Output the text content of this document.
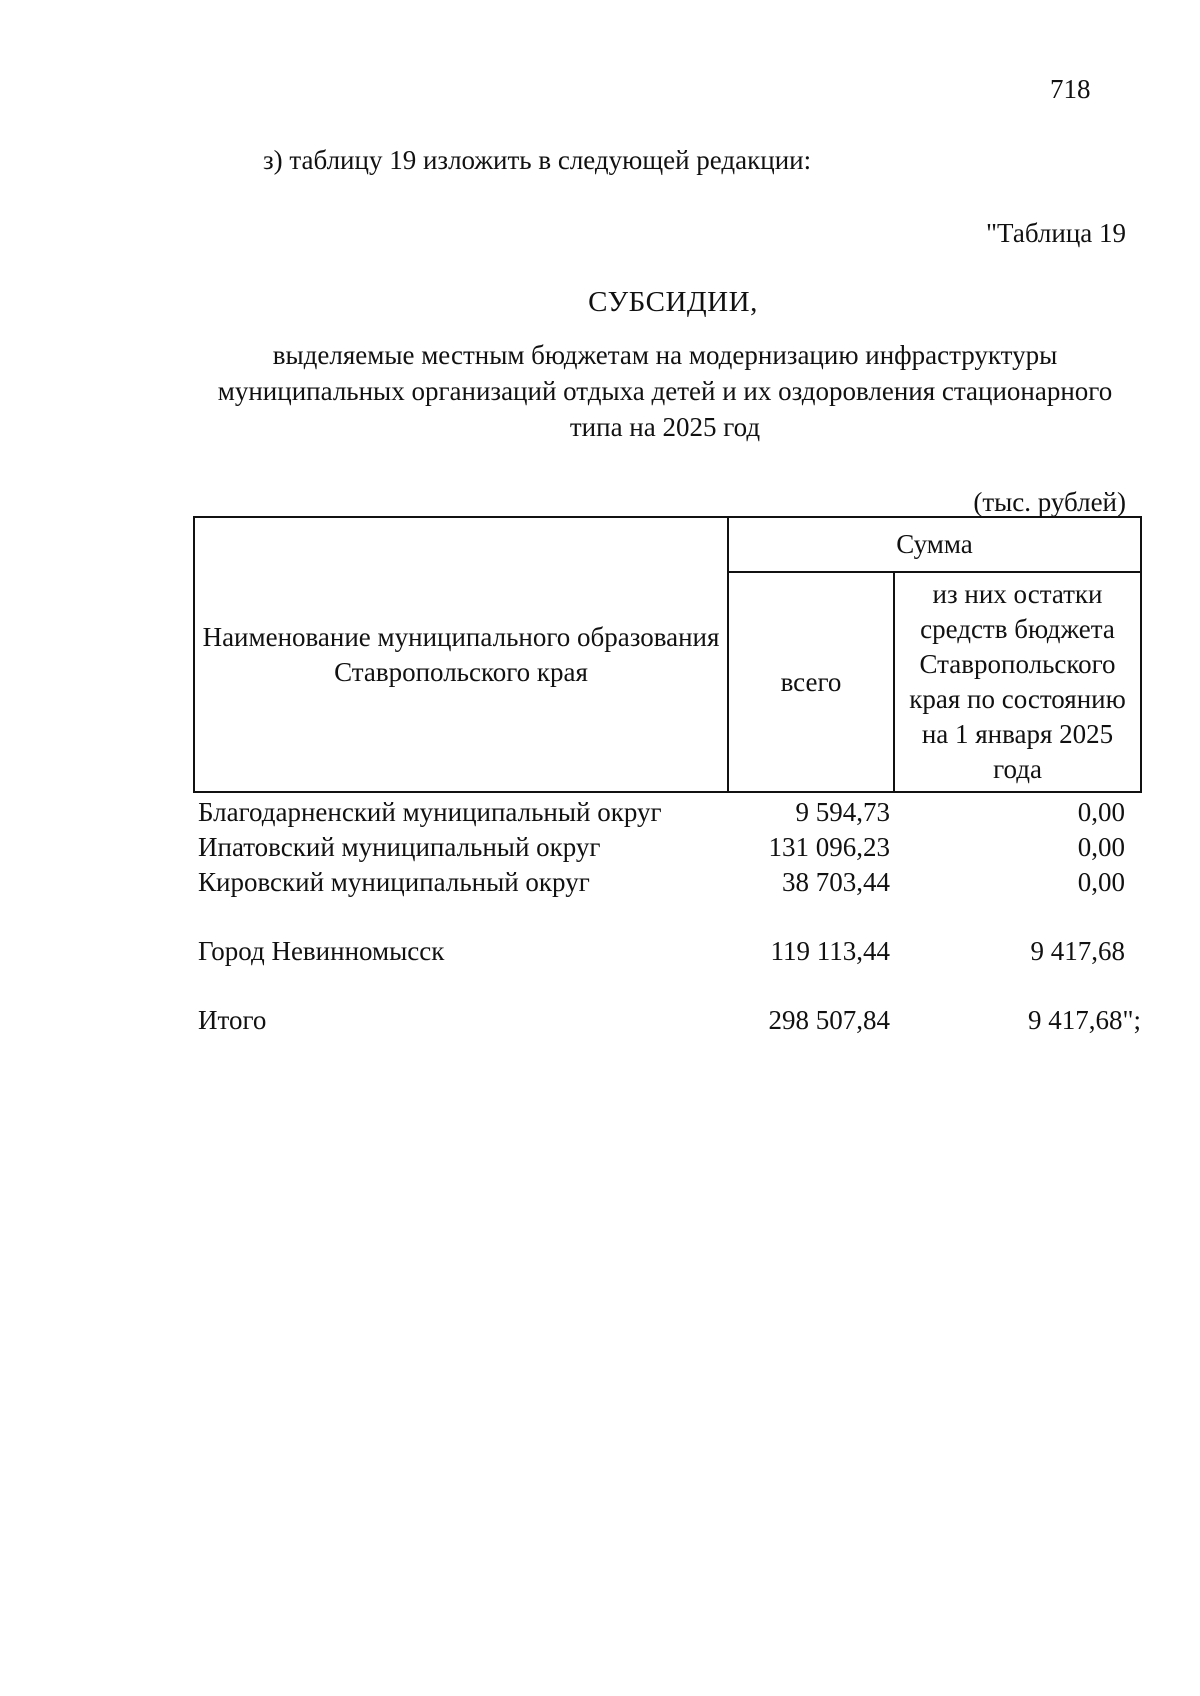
718
з) таблицу 19 изложить в следующей редакции:
"Таблица 19
СУБСИДИИ,
выделяемые местным бюджетам на модернизацию инфраструктуры
муниципальных организаций отдыха детей и их оздоровления стационарного
типа на 2025 год
(тыс. рублей)
Наименование муниципального образования Ставропольского края	Сумма	
	всего	из них остатки средств бюджета Ставропольского края по состоянию на 1 января 2025 года
Благодарненский муниципальный округ	9 594,73	0,00
Ипатовский муниципальный округ	131 096,23	0,00
Кировский муниципальный округ	38 703,44	0,00

Город Невинномысск	119 113,44	9 417,68

Итого	298 507,84	9 417,68";
